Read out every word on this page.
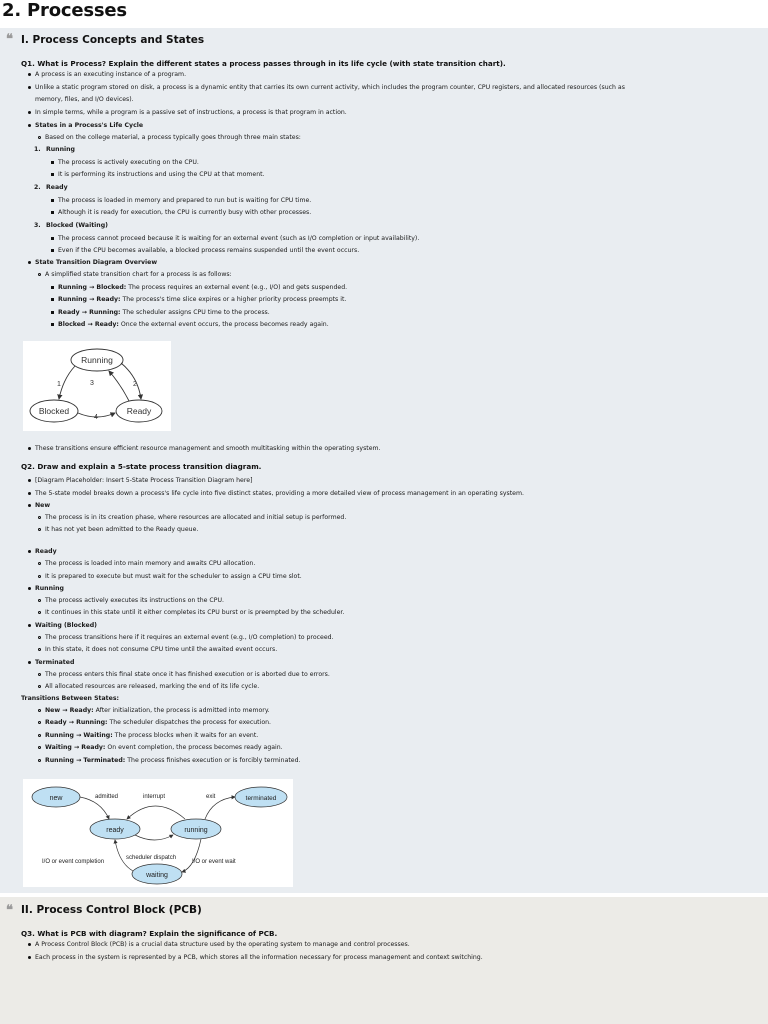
2. Processes
❝ I. Process Concepts and States
Q1. What is Process? Explain the different states a process passes through in its life cycle (with state transition chart).
A process is an executing instance of a program.
Unlike a static program stored on disk, a process is a dynamic entity that carries its own current activity, which includes the program counter, CPU registers, and allocated resources (such as
memory, files, and I/O devices).
In simple terms, while a program is a passive set of instructions, a process is that program in action.
States in a Process's Life Cycle
Based on the college material, a process typically goes through three main states:
1. Running
The process is actively executing on the CPU.
It is performing its instructions and using the CPU at that moment.
2. Ready
The process is loaded in memory and prepared to run but is waiting for CPU time.
Although it is ready for execution, the CPU is currently busy with other processes.
3. Blocked (Waiting)
The process cannot proceed because it is waiting for an external event (such as I/O completion or input availability).
Even if the CPU becomes available, a blocked process remains suspended until the event occurs.
State Transition Diagram Overview
A simplified state transition chart for a process is as follows:
Running → Blocked: The process requires an external event (e.g., I/O) and gets suspended.
Running → Ready: The process's time slice expires or a higher priority process preempts it.
Ready → Running: The scheduler assigns CPU time to the process.
Blocked → Ready: Once the external event occurs, the process becomes ready again.
Running
Blocked	Ready
1	2
3
4
These transitions ensure efficient resource management and smooth multitasking within the operating system.
Q2. Draw and explain a 5-state process transition diagram.
[Diagram Placeholder: Insert 5-State Process Transition Diagram here]
The 5-state model breaks down a process's life cycle into five distinct states, providing a more detailed view of process management in an operating system.
New
The process is in its creation phase, where resources are allocated and initial setup is performed.
It has not yet been admitted to the Ready queue.
Ready
The process is loaded into main memory and awaits CPU allocation.
It is prepared to execute but must wait for the scheduler to assign a CPU time slot.
Running
The process actively executes its instructions on the CPU.
It continues in this state until it either completes its CPU burst or is preempted by the scheduler.
Waiting (Blocked)
The process transitions here if it requires an external event (e.g., I/O completion) to proceed.
In this state, it does not consume CPU time until the awaited event occurs.
Terminated
The process enters this final state once it has finished execution or is aborted due to errors.
All allocated resources are released, marking the end of its life cycle.
Transitions Between States:
New → Ready: After initialization, the process is admitted into memory.
Ready → Running: The scheduler dispatches the process for execution.
Running → Waiting: The process blocks when it waits for an event.
Waiting → Ready: On event completion, the process becomes ready again.
Running → Terminated: The process finishes execution or is forcibly terminated.
new	terminated
ready	running
waiting
admitted	interrupt	exit
I/O or event completion
scheduler dispatch
I/O or event wait
❝ II. Process Control Block (PCB)
Q3. What is PCB with diagram? Explain the significance of PCB.
A Process Control Block (PCB) is a crucial data structure used by the operating system to manage and control processes.
Each process in the system is represented by a PCB, which stores all the information necessary for process management and context switching.
